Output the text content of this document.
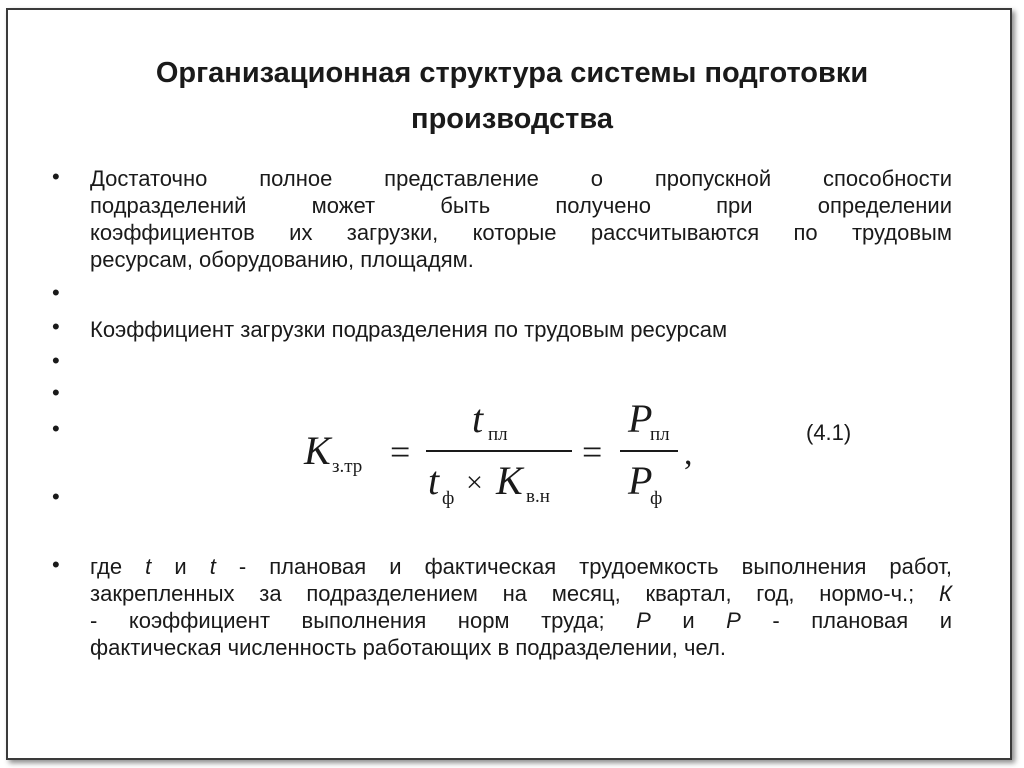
Организационная структура системы подготовки
производства
•
•
•
•
•
•
•
•
Достаточно полное представление о пропускной способности
подразделений может быть получено при определении
коэффициентов их загрузки, которые рассчитываются по трудовым
ресурсам, оборудованию, площадям.
Коэффициент загрузки подразделения по трудовым ресурсам
K з.тр =
t пл
t ф × K в.н
=
P
пл
P
ф
,
(4.1)
где t и t - плановая и фактическая трудоемкость выполнения работ,
закрепленных за подразделением на месяц, квартал, год, нормо-ч.; К
- коэффициент выполнения норм труда; Р и Р - плановая и
фактическая численность работающих в подразделении, чел.
